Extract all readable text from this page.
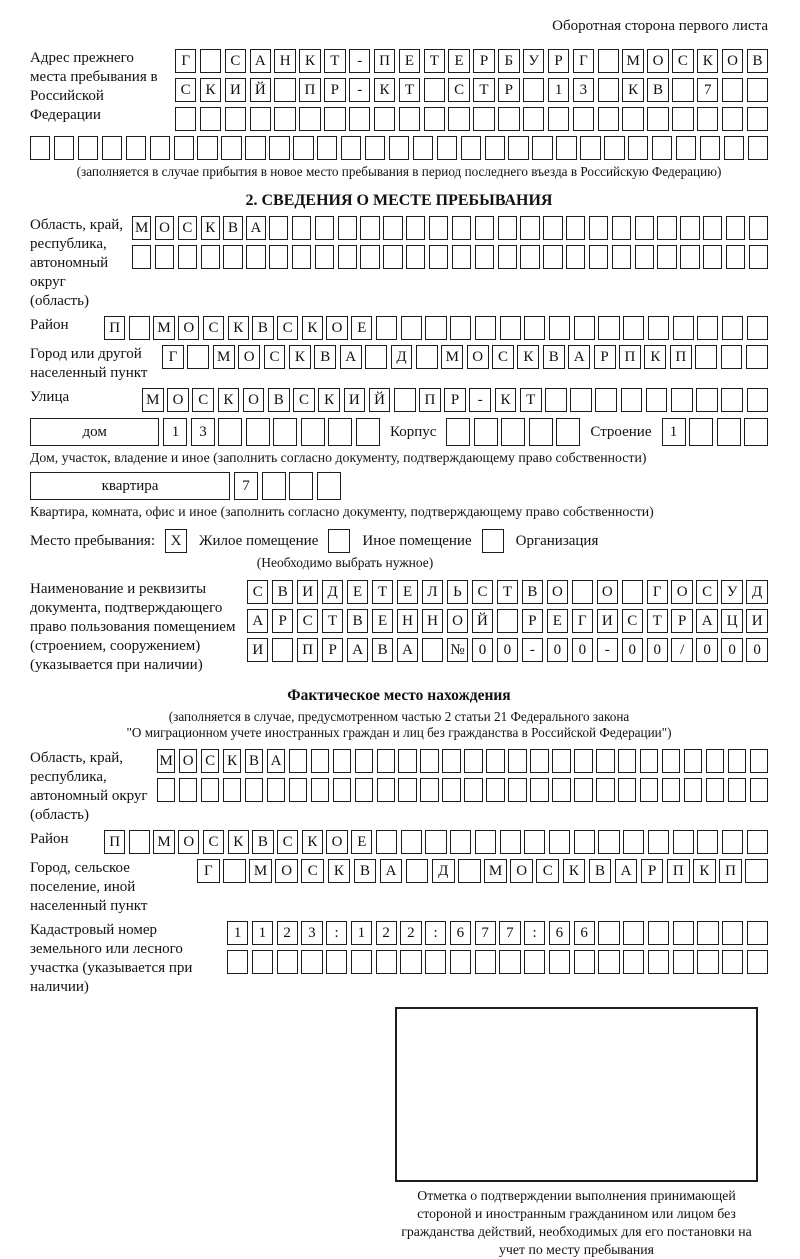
Оборотная сторона первого листа
Адрес прежнего места пребывания в Российской Федерации
Г	С А Н К	Т	-	П Е	Т	Е	Р	Б	У	Р	Г	М О С К О В
С К И Й	П	Р	-	К	Т	С	Т	Р	1	3	К В	7
(заполняется в случае прибытия в новое место пребывания в период последнего въезда в Российскую Федерацию)
2. СВЕДЕНИЯ О МЕСТЕ ПРЕБЫВАНИЯ
Область, край, республика, автономный округ (область)
М О С К В А
Район	П	М О С К В С К О Е
Город или другой населенный пункт
Г	М О С	К	В А	Д	М О С	К	В А	Р	П К П
Улица	М О С	К О В	С	К И Й	П	Р	-	К	Т
дом	1	3	Корпус	Строение	1
Дом, участок, владение и иное (заполнить согласно документу, подтверждающему право собственности)
квартира	7
Квартира, комната, офис и иное (заполнить согласно документу, подтверждающему право собственности)
Место пребывания:	X	Жилое помещение	Иное помещение	Организация
(Необходимо выбрать нужное)
Наименование и реквизиты документа, подтверждающего право пользования помещением (строением, сооружением) (указывается при наличии)
С В И Д	Е	Т	Е	Л	Ь	С	Т	В О	О	Г	О С У Д
А	Р	С	Т	В	Е Н Н О Й	Р	Е	Г	И С	Т	Р	А Ц И
И	П	Р	А В А	№ 0	0	-	0	0	-	0	0	/	0	0	0
Фактическое место нахождения
(заполняется в случае, предусмотренном частью 2 статьи 21 Федерального закона
"О миграционном учете иностранных граждан и лиц без гражданства в Российской Федерации")
Область, край, республика, автономный округ (область)
М О С К В А
Район	П	М О С К В С К О Е
Город, сельское поселение, иной населенный пункт
Г	М О	С	К	В	А	Д	М О	С	К	В	А	Р	П	К	П
Кадастровый номер земельного или лесного участка (указывается при наличии)
1	1	2	3	:	1	2	2	:	6	7	7	:	6	6
Отметка о подтверждении выполнения принимающей стороной и иностранным гражданином или лицом без гражданства действий, необходимых для его постановки на учет по месту пребывания
